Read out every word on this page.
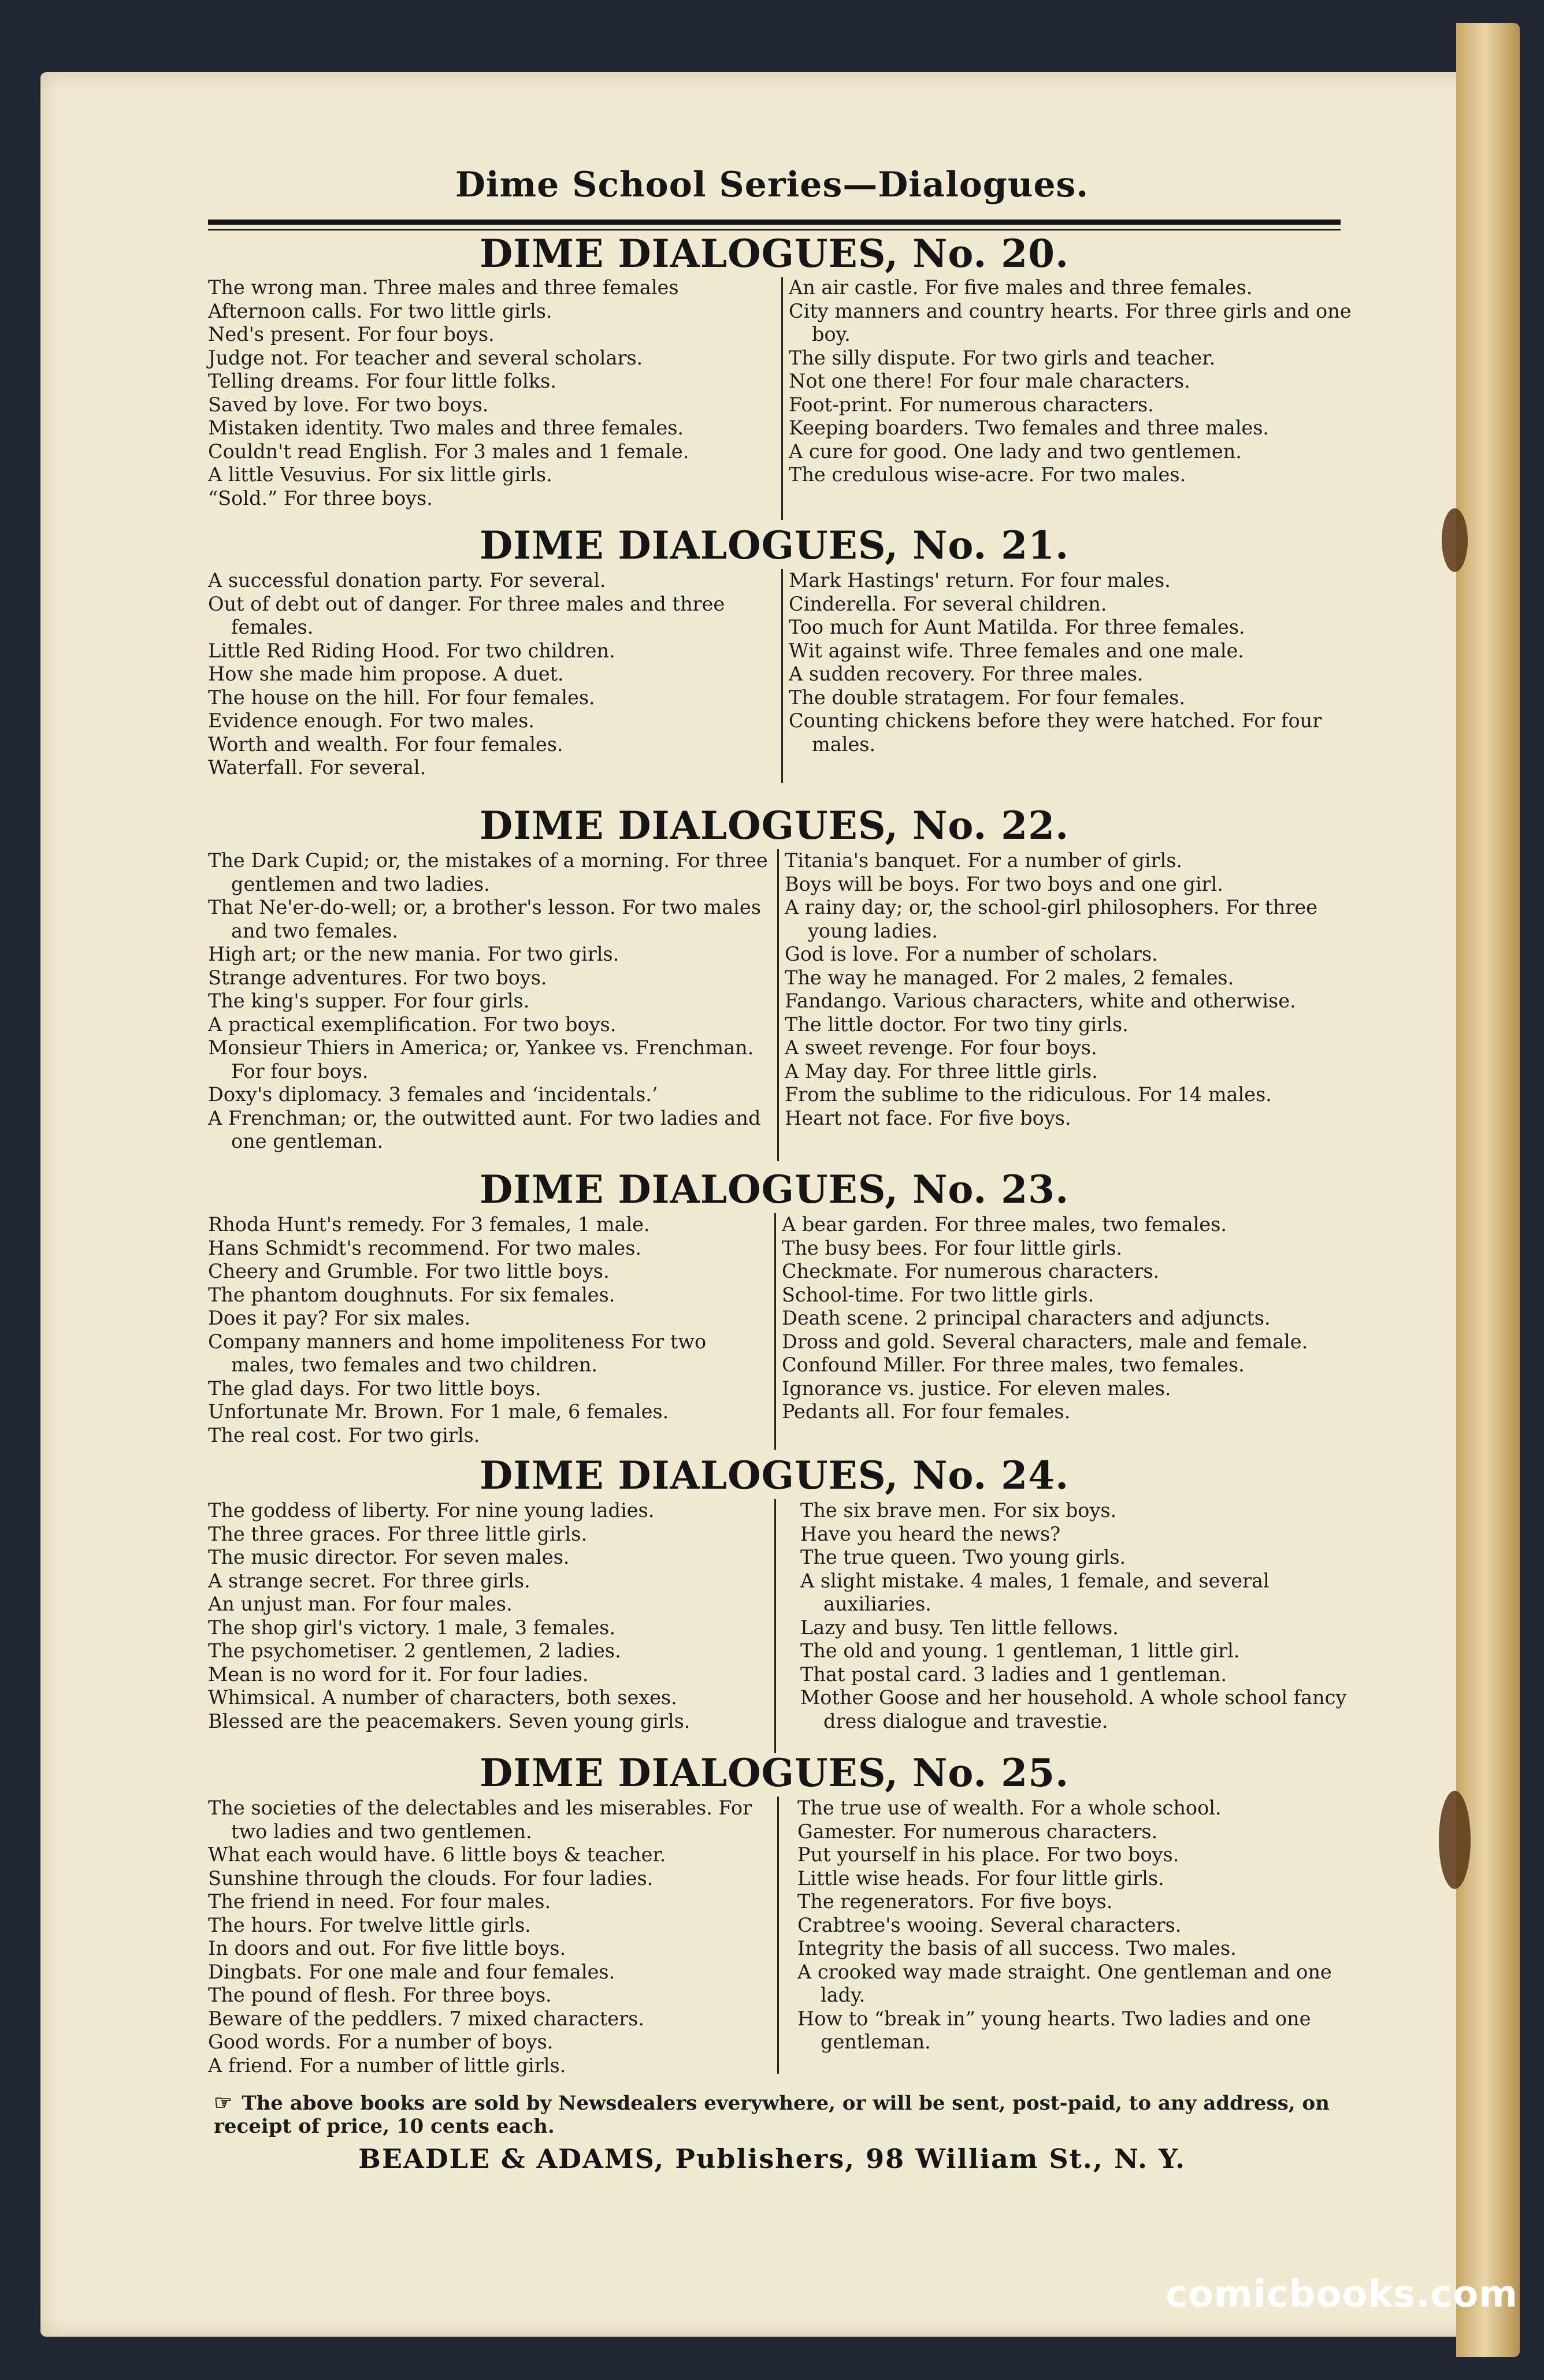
Dime School Series—Dialogues.
DIME DIALOGUES, No. 20.
The wrong man. Three males and three females
Afternoon calls. For two little girls.
Ned's present. For four boys.
Judge not. For teacher and several scholars.
Telling dreams. For four little folks.
Saved by love. For two boys.
Mistaken identity. Two males and three females.
Couldn't read English. For 3 males and 1 female.
A little Vesuvius. For six little girls.
“Sold.” For three boys.
An air castle. For five males and three females.
City manners and country hearts. For three girls and one boy.
The silly dispute. For two girls and teacher.
Not one there! For four male characters.
Foot-print. For numerous characters.
Keeping boarders. Two females and three males.
A cure for good. One lady and two gentlemen.
The credulous wise-acre. For two males.
DIME DIALOGUES, No. 21.
A successful donation party. For several.
Out of debt out of danger. For three males and three females.
Little Red Riding Hood. For two children.
How she made him propose. A duet.
The house on the hill. For four females.
Evidence enough. For two males.
Worth and wealth. For four females.
Waterfall. For several.
Mark Hastings' return. For four males.
Cinderella. For several children.
Too much for Aunt Matilda. For three females.
Wit against wife. Three females and one male.
A sudden recovery. For three males.
The double stratagem. For four females.
Counting chickens before they were hatched. For four males.
DIME DIALOGUES, No. 22.
The Dark Cupid; or, the mistakes of a morning. For three gentlemen and two ladies.
That Ne'er-do-well; or, a brother's lesson. For two males and two females.
High art; or the new mania. For two girls.
Strange adventures. For two boys.
The king's supper. For four girls.
A practical exemplification. For two boys.
Monsieur Thiers in America; or, Yankee vs. Frenchman. For four boys.
Doxy's diplomacy. 3 females and ‘incidentals.’
A Frenchman; or, the outwitted aunt. For two ladies and one gentleman.
Titania's banquet. For a number of girls.
Boys will be boys. For two boys and one girl.
A rainy day; or, the school-girl philosophers. For three young ladies.
God is love. For a number of scholars.
The way he managed. For 2 males, 2 females.
Fandango. Various characters, white and otherwise.
The little doctor. For two tiny girls.
A sweet revenge. For four boys.
A May day. For three little girls.
From the sublime to the ridiculous. For 14 males.
Heart not face. For five boys.
DIME DIALOGUES, No. 23.
Rhoda Hunt's remedy. For 3 females, 1 male.
Hans Schmidt's recommend. For two males.
Cheery and Grumble. For two little boys.
The phantom doughnuts. For six females.
Does it pay? For six males.
Company manners and home impoliteness For two males, two females and two children.
The glad days. For two little boys.
Unfortunate Mr. Brown. For 1 male, 6 females.
The real cost. For two girls.
A bear garden. For three males, two females.
The busy bees. For four little girls.
Checkmate. For numerous characters.
School-time. For two little girls.
Death scene. 2 principal characters and adjuncts.
Dross and gold. Several characters, male and female.
Confound Miller. For three males, two females.
Ignorance vs. justice. For eleven males.
Pedants all. For four females.
DIME DIALOGUES, No. 24.
The goddess of liberty. For nine young ladies.
The three graces. For three little girls.
The music director. For seven males.
A strange secret. For three girls.
An unjust man. For four males.
The shop girl's victory. 1 male, 3 females.
The psychometiser. 2 gentlemen, 2 ladies.
Mean is no word for it. For four ladies.
Whimsical. A number of characters, both sexes.
Blessed are the peacemakers. Seven young girls.
The six brave men. For six boys.
Have you heard the news?
The true queen. Two young girls.
A slight mistake. 4 males, 1 female, and several auxiliaries.
Lazy and busy. Ten little fellows.
The old and young. 1 gentleman, 1 little girl.
That postal card. 3 ladies and 1 gentleman.
Mother Goose and her household. A whole school fancy dress dialogue and travestie.
DIME DIALOGUES, No. 25.
The societies of the delectables and les miserables. For two ladies and two gentlemen.
What each would have. 6 little boys & teacher.
Sunshine through the clouds. For four ladies.
The friend in need. For four males.
The hours. For twelve little girls.
In doors and out. For five little boys.
Dingbats. For one male and four females.
The pound of flesh. For three boys.
Beware of the peddlers. 7 mixed characters.
Good words. For a number of boys.
A friend. For a number of little girls.
The true use of wealth. For a whole school.
Gamester. For numerous characters.
Put yourself in his place. For two boys.
Little wise heads. For four little girls.
The regenerators. For five boys.
Crabtree's wooing. Several characters.
Integrity the basis of all success. Two males.
A crooked way made straight. One gentleman and one lady.
How to “break in” young hearts. Two ladies and one gentleman.
☞ The above books are sold by Newsdealers everywhere, or will be sent, post-paid, to any address, on receipt of price, 10 cents each.
BEADLE & ADAMS, Publishers, 98 William St., N. Y.
comicbooks.com
